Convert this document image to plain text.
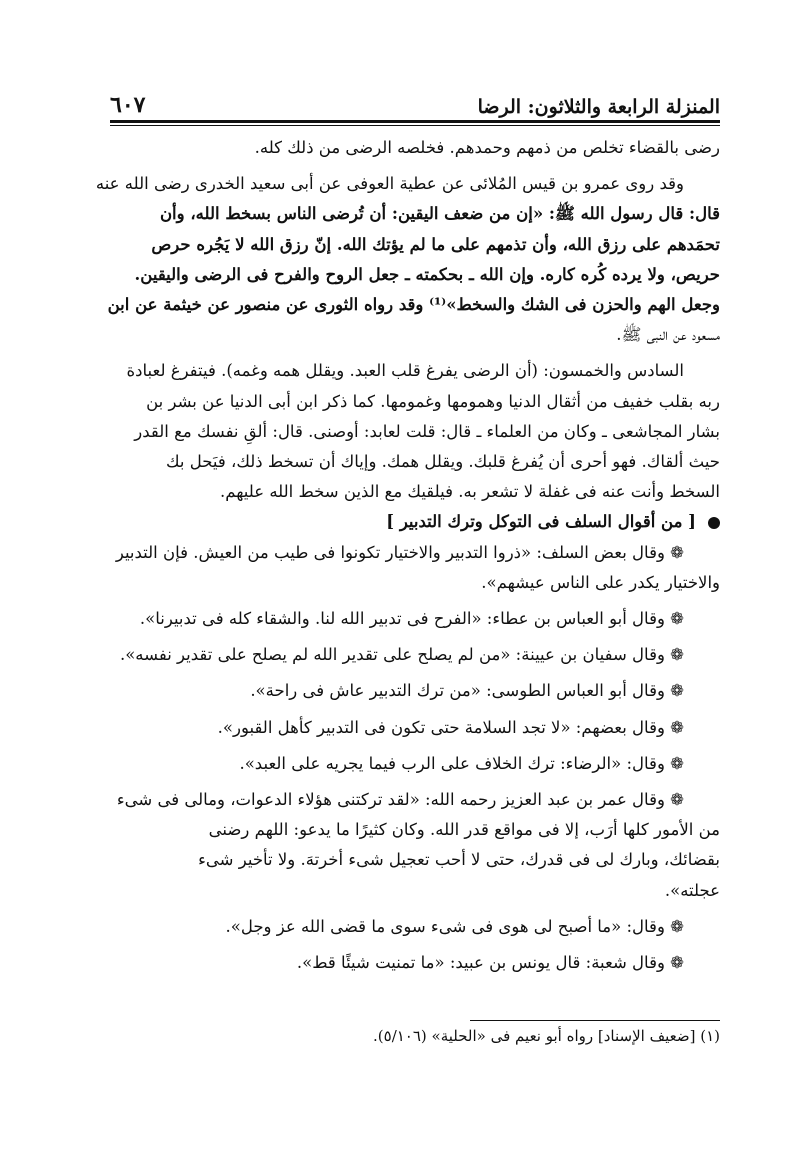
٦٠٧	المنزلة الرابعة والثلاثون: الرضا

رضى بالقضاء تخلص من ذمهم وحمدهم. فخلصه الرضى من ذلك كله.

وقد روى عمرو بن قيس المُلائى عن عطية العوفى عن أبى سعيد الخدرى رضى الله عنه

قال: قال رسول الله ﷺ: «إن من ضعف اليقين: أن تُرضى الناس بسخط الله، وأن

تحمَدهم على رزق الله، وأن تذمهم على ما لم يؤتك الله. إنّ رزق الله لا يَجُره حرص

حريص، ولا يرده كُره كاره. وإن الله ـ بحكمته ـ جعل الروح والفرح فى الرضى واليقين.

وجعل الهم والحزن فى الشك والسخط»⁽¹⁾ وقد رواه الثورى عن منصور عن خيثمة عن ابن

مسعود عن النبى ﷺ.

السادس والخمسون: (أن الرضى يفرغ قلب العبد. ويقلل همه وغمه). فيتفرغ لعبادة

ربه بقلب خفيف من أثقال الدنيا وهمومها وغمومها. كما ذكر ابن أبى الدنيا عن بشر بن

بشار المجاشعى ـ وكان من العلماء ـ قال: قلت لعابد: أوصنى. قال: ألقِ نفسك مع القدر

حيث ألقاك. فهو أحرى أن يُفرغ قلبك. ويقلل همك. وإياك أن تسخط ذلك، فيَحل بك

السخط وأنت عنه فى غفلة لا تشعر به. فيلقيك مع الذين سخط الله عليهم.

[ من أقوال السلف فى التوكل وترك التدبير ]

❁ وقال بعض السلف: «ذروا التدبير والاختيار تكونوا فى طيب من العيش. فإن التدبير

والاختيار يكدر على الناس عيشهم».

❁ وقال أبو العباس بن عطاء: «الفرح فى تدبير الله لنا. والشقاء كله فى تدبيرنا».

❁ وقال سفيان بن عيينة: «من لم يصلح على تقدير الله لم يصلح على تقدير نفسه».

❁ وقال أبو العباس الطوسى: «من ترك التدبير عاش فى راحة».

❁ وقال بعضهم: «لا تجد السلامة حتى تكون فى التدبير كأهل القبور».

❁ وقال: «الرضاء: ترك الخلاف على الرب فيما يجريه على العبد».

❁ وقال عمر بن عبد العزيز رحمه الله: «لقد تركتنى هؤلاء الدعوات، ومالى فى شىء

من الأمور كلها أرَب، إلا فى مواقع قدر الله. وكان كثيرًا ما يدعو: اللهم رضنى

بقضائك، وبارك لى فى قدرك، حتى لا أحب تعجيل شىء أخرتهَ. ولا تأخير شىء

عجلته».

❁ وقال: «ما أصبح لى هوى فى شىء سوى ما قضى الله عز وجل».

❁ وقال شعبة: قال يونس بن عبيد: «ما تمنيت شيئًا قط».

(١) [ضعيف الإسناد] رواه أبو نعيم فى «الحلية» (٥/١٠٦).
